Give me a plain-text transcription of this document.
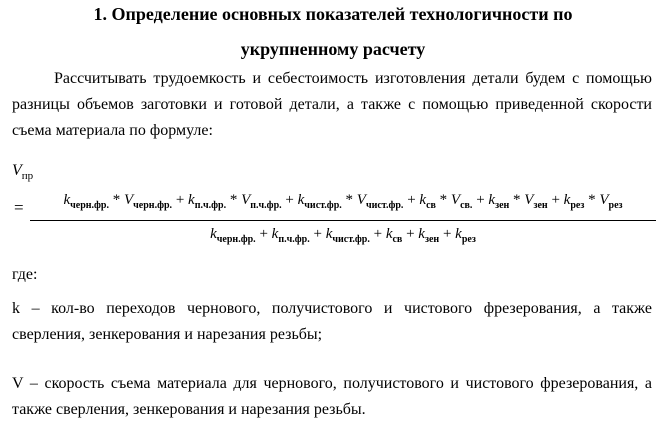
1. Определение основных показателей технологичности по
укрупненному расчету
Рассчитывать трудоемкость и себестоимость изготовления детали будем с помощью разницы объемов заготовки и готовой детали, а также с помощью приведенной скорости съема материала по формуле:
$V_{пр}$
=	$k_{черн.фр.} * V_{черн.фр.} + k_{п.ч.фр.} * V_{п.ч.фр.} + k_{чист.фр.} * V_{чист.фр.} + k_{св} * V_{св.} + k_{зен} * V_{зен} + k_{рез} * V_{рез}$
$k_{черн.фр.} + k_{п.ч.фр.} + k_{чист.фр.} + k_{св} + k_{зен} + k_{рез}$
где:
k – кол-во переходов чернового, получистового и чистового фрезерования, а также сверления, зенкерования и нарезания резьбы;
V – скорость съема материала для чернового, получистового и чистового фрезерования, а также сверления, зенкерования и нарезания резьбы.
